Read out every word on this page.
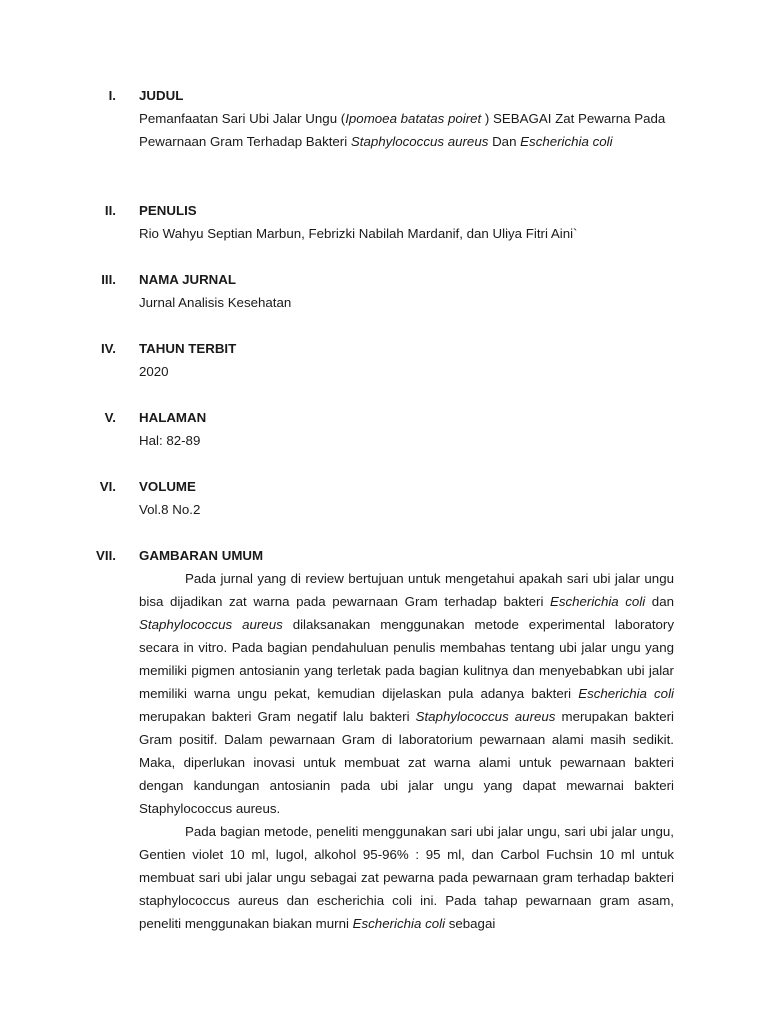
I. JUDUL
Pemanfaatan Sari Ubi Jalar Ungu (Ipomoea batatas poiret ) SEBAGAI Zat Pewarna Pada Pewarnaan Gram Terhadap Bakteri Staphylococcus aureus Dan Escherichia coli
II. PENULIS
Rio Wahyu Septian Marbun, Febrizki Nabilah Mardanif, dan Uliya Fitri Aini`
III. NAMA JURNAL
Jurnal Analisis Kesehatan
IV. TAHUN TERBIT
2020
V. HALAMAN
Hal: 82-89
VI. VOLUME
Vol.8 No.2
VII. GAMBARAN UMUM

Pada jurnal yang di review bertujuan untuk mengetahui apakah sari ubi jalar ungu bisa dijadikan zat warna pada pewarnaan Gram terhadap bakteri Escherichia coli dan Staphylococcus aureus dilaksanakan menggunakan metode experimental laboratory secara in vitro. Pada bagian pendahuluan penulis membahas tentang ubi jalar ungu yang memiliki pigmen antosianin yang terletak pada bagian kulitnya dan menyebabkan ubi jalar memiliki warna ungu pekat, kemudian dijelaskan pula adanya bakteri Escherichia coli merupakan bakteri Gram negatif lalu bakteri Staphylococcus aureus merupakan bakteri Gram positif. Dalam pewarnaan Gram di laboratorium pewarnaan alami masih sedikit. Maka, diperlukan inovasi untuk membuat zat warna alami untuk pewarnaan bakteri dengan kandungan antosianin pada ubi jalar ungu yang dapat mewarnai bakteri Staphylococcus aureus.

Pada bagian metode, peneliti menggunakan sari ubi jalar ungu, sari ubi jalar ungu, Gentien violet 10 ml, lugol, alkohol 95-96% : 95 ml, dan Carbol Fuchsin 10 ml untuk membuat sari ubi jalar ungu sebagai zat pewarna pada pewarnaan gram terhadap bakteri staphylococcus aureus dan escherichia coli ini. Pada tahap pewarnaan gram asam, peneliti menggunakan biakan murni Escherichia coli sebagai
